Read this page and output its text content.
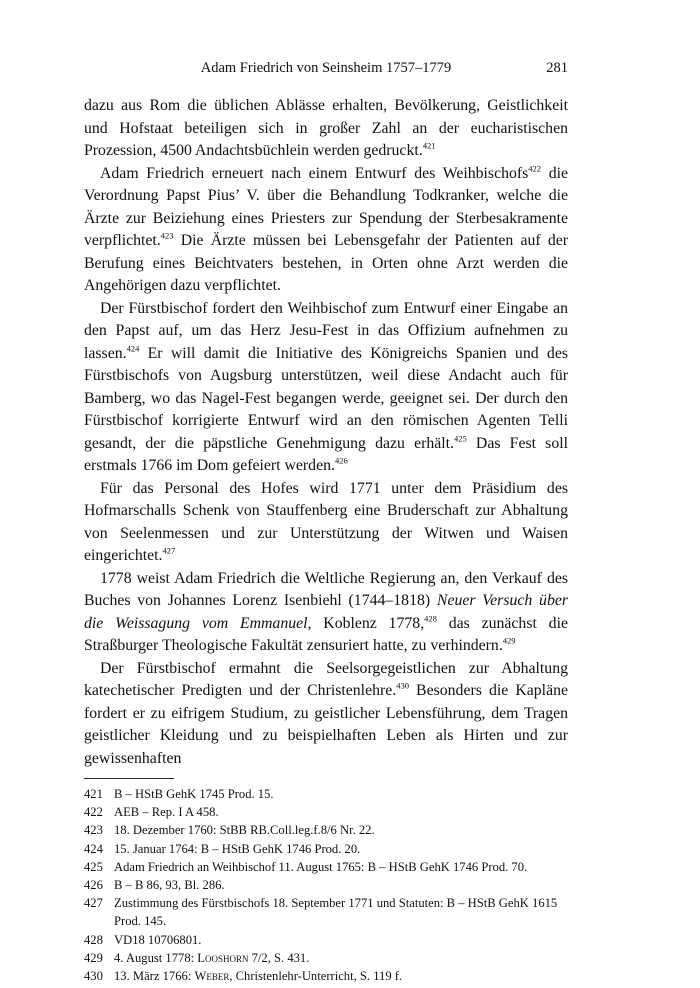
Adam Friedrich von Seinsheim 1757–1779	281

dazu aus Rom die üblichen Ablässe erhalten, Bevölkerung, Geistlichkeit und Hofstaat beteiligen sich in großer Zahl an der eucharistischen Prozession, 4500 Andachtsbüchlein werden gedruckt.$^{421}$

Adam Friedrich erneuert nach einem Entwurf des Weihbischofs$^{422}$ die Verordnung Papst Pius’ V. über die Behandlung Todkranker, welche die Ärzte zur Beiziehung eines Priesters zur Spendung der Sterbesakramente verpflichtet.$^{423}$ Die Ärzte müssen bei Lebensgefahr der Patienten auf der Berufung eines Beichtvaters bestehen, in Orten ohne Arzt werden die Angehörigen dazu verpflichtet.

Der Fürstbischof fordert den Weihbischof zum Entwurf einer Eingabe an den Papst auf, um das Herz Jesu-Fest in das Offizium aufnehmen zu lassen.$^{424}$ Er will damit die Initiative des Königreichs Spanien und des Fürstbischofs von Augsburg unterstützen, weil diese Andacht auch für Bamberg, wo das Nagel-Fest begangen werde, geeignet sei. Der durch den Fürstbischof korrigierte Entwurf wird an den römischen Agenten Telli gesandt, der die päpstliche Genehmigung dazu erhält.$^{425}$ Das Fest soll erstmals 1766 im Dom gefeiert werden.$^{426}$

Für das Personal des Hofes wird 1771 unter dem Präsidium des Hofmarschalls Schenk von Stauffenberg eine Bruderschaft zur Abhaltung von Seelenmessen und zur Unterstützung der Witwen und Waisen eingerichtet.$^{427}$

1778 weist Adam Friedrich die Weltliche Regierung an, den Verkauf des Buches von Johannes Lorenz Isenbiehl (1744–1818) Neuer Versuch über die Weissagung vom Emmanuel, Koblenz 1778,$^{428}$ das zunächst die Straßburger Theologische Fakultät zensuriert hatte, zu verhindern.$^{429}$

Der Fürstbischof ermahnt die Seelsorgegeistlichen zur Abhaltung katechetischer Predigten und der Christenlehre.$^{430}$ Besonders die Kapläne fordert er zu eifrigem Studium, zu geistlicher Lebensführung, dem Tragen geistlicher Kleidung und zu beispielhaften Leben als Hirten und zur gewissenhaften

421 B – HStB GehK 1745 Prod. 15.
422 AEB – Rep. I A 458.
423 18. Dezember 1760: StBB RB.Coll.leg.f.8/6 Nr. 22.
424 15. Januar 1764: B – HStB GehK 1746 Prod. 20.
425 Adam Friedrich an Weihbischof 11. August 1765: B – HStB GehK 1746 Prod. 70.
426 B – B 86, 93, Bl. 286.
427 Zustimmung des Fürstbischofs 18. September 1771 und Statuten: B – HStB GehK 1615 Prod. 145.
428 VD18 10706801.
429 4. August 1778: Looshorn 7/2, S. 431.
430 13. März 1766: Weber, Christenlehr-Unterricht, S. 119 f.
